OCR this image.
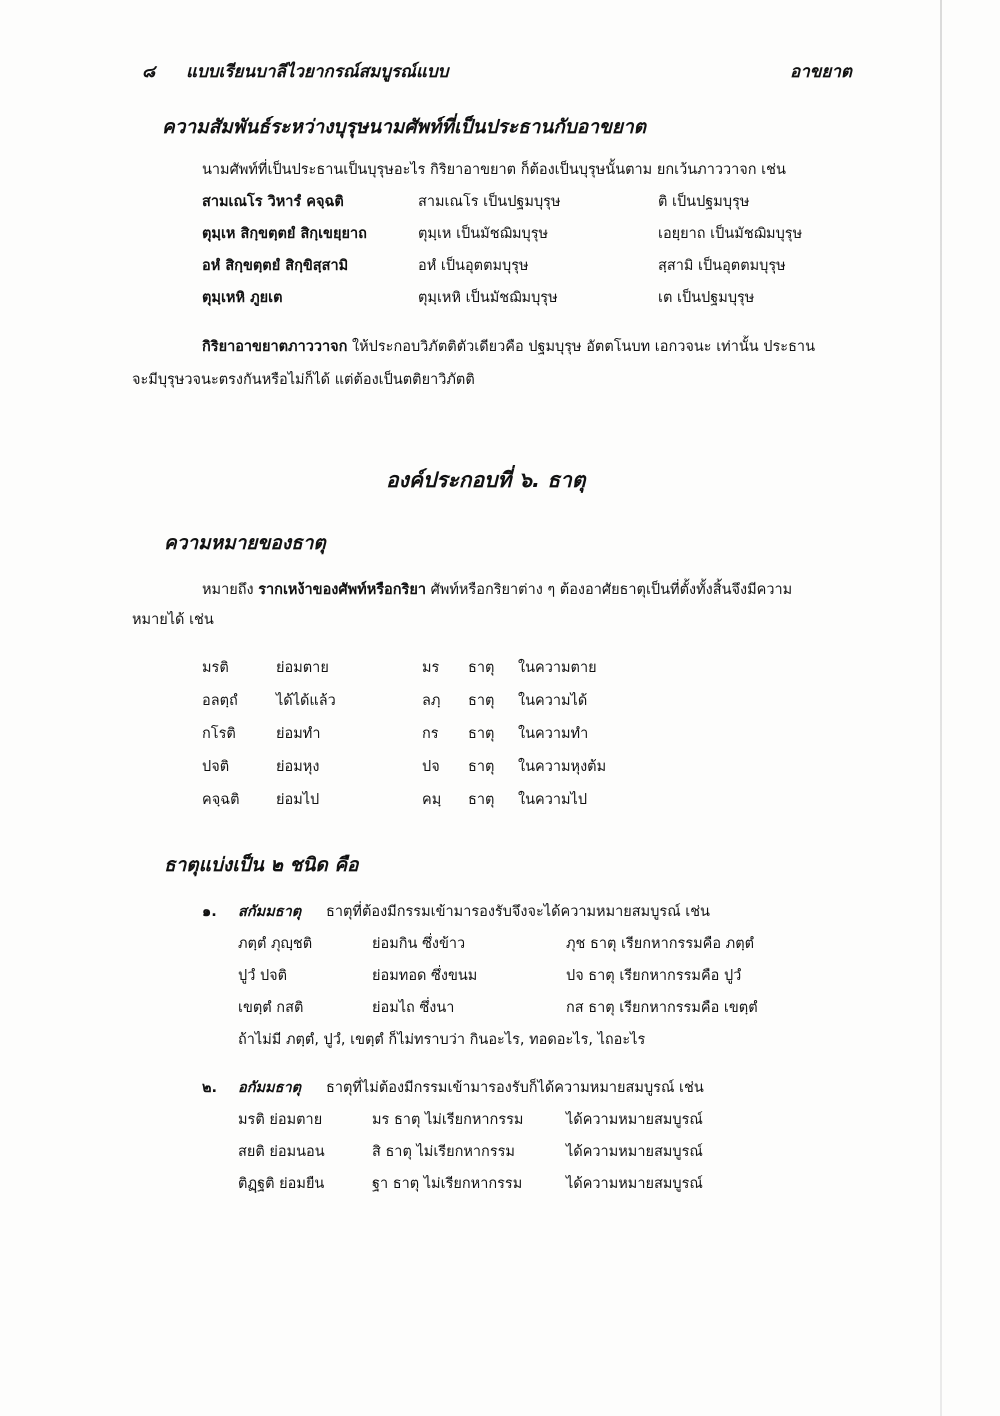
๘ แบบเรียนบาลีไวยากรณ์สมบูรณ์แบบ	อาขยาต
ความสัมพันธ์ระหว่างบุรุษนามศัพท์ที่เป็นประธานกับอาขยาต
นามศัพท์ที่เป็นประธานเป็นบุรุษอะไร กิริยาอาขยาต ก็ต้องเป็นบุรุษนั้นตาม ยกเว้นภาววาจก เช่น
สามเณโร วิหารํ คจฺฉติ	สามเณโร เป็นปฐมบุรุษ	ติ เป็นปฐมบุรุษ
ตุมฺเห สิกฺขตฺตยํ สิกฺเขยฺยาถ	ตุมฺเห เป็นมัชฌิมบุรุษ	เอยฺยาถ เป็นมัชฌิมบุรุษ
อหํ สิกฺขตฺตยํ สิกฺขิสฺสามิ	อหํ เป็นอุตตมบุรุษ	สฺสามิ เป็นอุตตมบุรุษ
ตุมฺเหหิ ภูยเต	ตุมฺเหหิ เป็นมัชฌิมบุรุษ	เต เป็นปฐมบุรุษ
กิริยาอาขยาตภาววาจก ให้ประกอบวิภัตติตัวเดียวคือ ปฐมบุรุษ อัตตโนบท เอกวจนะ เท่านั้น ประธาน
จะมีบุรุษวจนะตรงกันหรือไม่ก็ได้ แต่ต้องเป็นตติยาวิภัตติ
องค์ประกอบที่ ๖. ธาตุ
ความหมายของธาตุ
หมายถึง รากเหง้าของศัพท์หรือกริยา ศัพท์หรือกริยาต่าง ๆ ต้องอาศัยธาตุเป็นที่ตั้งทั้งสิ้นจึงมีความ
หมายได้ เช่น
มรติ	ย่อมตาย	มร ธาตุ ในความตาย
อลตฺถํ	ได้ได้แล้ว	ลภฺ ธาตุ ในความได้
กโรติ	ย่อมทำ	กร ธาตุ ในความทำ
ปจติ	ย่อมหุง	ปจ ธาตุ ในความหุงต้ม
คจฺฉติ	ย่อมไป	คมฺ ธาตุ ในความไป
ธาตุแบ่งเป็น ๒ ชนิด คือ
๑. สกัมมธาตุ ธาตุที่ต้องมีกรรมเข้ามารองรับจึงจะได้ความหมายสมบูรณ์ เช่น
ภตฺตํ ภุญฺชติ	ย่อมกิน ซึ่งข้าว	ภุช ธาตุ เรียกหากรรมคือ ภตฺตํ
ปูวํ ปจติ	ย่อมทอด ซึ่งขนม	ปจ ธาตุ เรียกหากรรมคือ ปูวํ
เขตฺตํ กสติ	ย่อมไถ ซึ่งนา	กส ธาตุ เรียกหากรรมคือ เขตฺตํ
ถ้าไม่มี ภตฺตํ, ปูวํ, เขตฺตํ ก็ไม่ทราบว่า กินอะไร, ทอดอะไร, ไถอะไร
๒. อกัมมธาตุ ธาตุที่ไม่ต้องมีกรรมเข้ามารองรับก็ได้ความหมายสมบูรณ์ เช่น
มรติ ย่อมตาย	มร ธาตุ ไม่เรียกหากรรม	ได้ความหมายสมบูรณ์
สยติ ย่อมนอน	สิ ธาตุ ไม่เรียกหากรรม	ได้ความหมายสมบูรณ์
ติฏฺฐติ ย่อมยืน	ฐา ธาตุ ไม่เรียกหากรรม	ได้ความหมายสมบูรณ์
